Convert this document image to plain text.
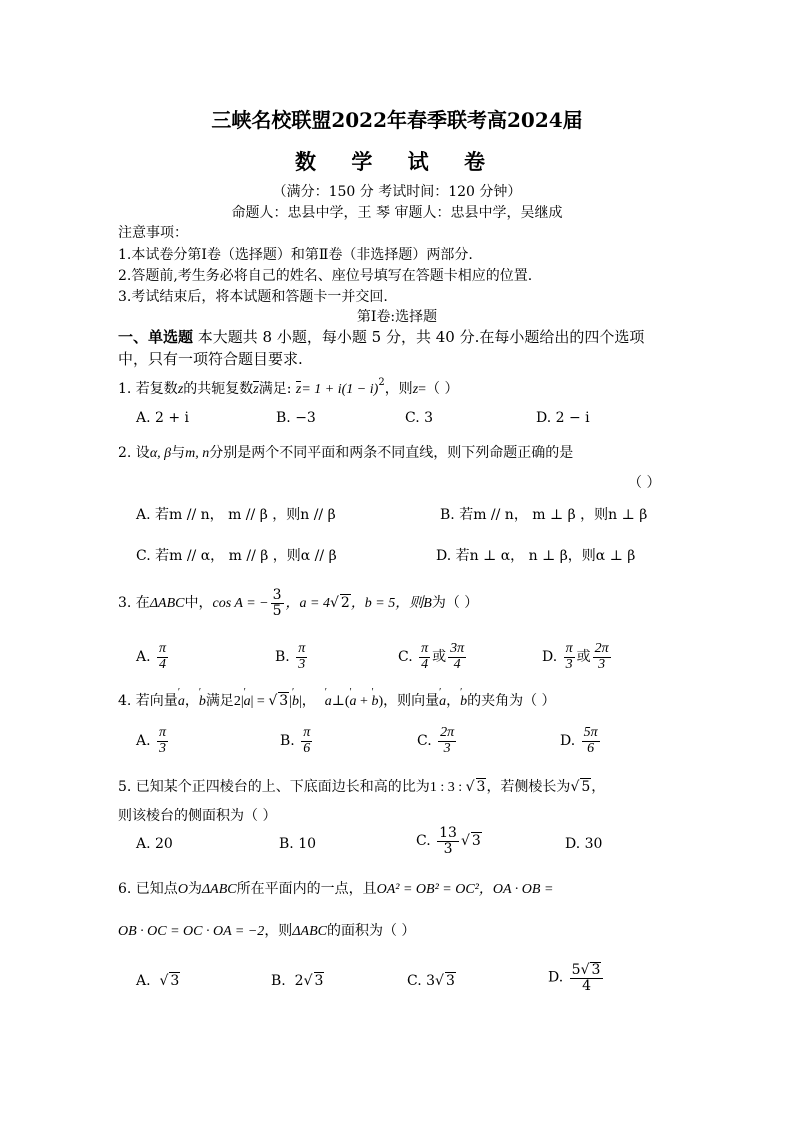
三峡名校联盟2022年春季联考高2024届
数 学 试 卷
（满分：150 分 考试时间：120 分钟）
命题人：忠县中学，王 琴 审题人：忠县中学，吴继成
注意事项：
1.本试卷分第Ⅰ卷（选择题）和第Ⅱ卷（非选择题）两部分.
2.答题前,考生务必将自己的姓名、座位号填写在答题卡相应的位置.
3.考试结束后，将本试题和答题卡一并交回.
第Ⅰ卷:选择题
一、单选题 本大题共 8 小题，每小题 5 分，共 40 分.在每小题给出的四个选项
中，只有一项符合题目要求.
1. 若复数z的共轭复数z满足: $z= 1 + i(1 - i)^2$，则z=（ ）
A. 2 + i	B. −3	C. 3	D. 2 − i
2. 设α, β与m, n分别是两个不同平面和两条不同直线，则下列命题正确的是
（ ）
A. 若m // n， m // β ，则n // β	B. 若m // n， m ⊥ β ，则n ⊥ β
C. 若m // α， m // β ，则α // β	D. 若n ⊥ α， n ⊥ β，则α ⊥ β
3. 在ΔABC中，cos A = − $\frac{3}{5}$ ，a = 4√ 2，b = 5，则B为（ ）
A. $\frac{\pi}{4}$	B. $\frac{\pi}{3}$	C. $\frac{\pi}{4}$ 或 $\frac{3\pi}{4}$	D. $\frac{\pi}{3}$ 或 $\frac{2\pi}{3}$
4. 若向量′ a，′ b满足2|′ a| = √ 3|′ b|，  ′ a⊥(′ a + ′ b)，则向量′ a，′ b的夹角为（ ）
A. $\frac{\pi}{3}$	B. $\frac{\pi}{6}$	C. $\frac{2\pi}{3}$	D. $\frac{5\pi}{6}$
5. 已知某个正四棱台的上、下底面边长和高的比为1 : 3 : √ 3，若侧棱长为√ 5，
则该棱台的侧面积为（ ）
A. 20	B. 10	C. $\frac{13}{3}$ √ 3	D. 30
6. 已知点O为ΔABC所在平面内的一点，且OA² = OB² = OC²，OA · OB =
OB · OC = OC · OA = −2，则ΔABC的面积为（ ）
A. √ 3	B. 2√ 3	C. 3√ 3	D. $\frac{5√ 3}{4}$
